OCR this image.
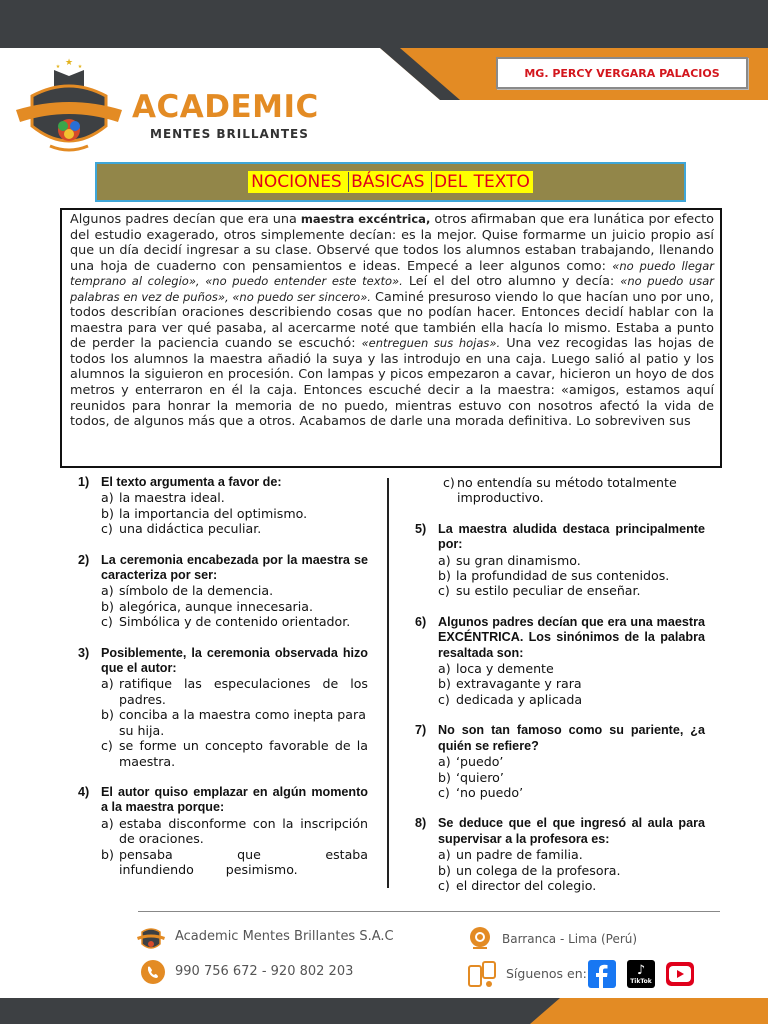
MG. PERCY VERGARA PALACIOS
★
★	★
ACADEMIC
MENTES BRILLANTES
NOCIONES BÁSICAS DEL TEXTO
Algunos padres decían que era una maestra excéntrica, otros afirmaban que era lunática por efecto del estudio exagerado, otros simplemente decían: es la mejor. Quise formarme un juicio propio así que un día decidí ingresar a su clase. Observé que todos los alumnos estaban trabajando, llenando una hoja de cuaderno con pensamientos e ideas. Empecé a leer algunos como: «no puedo llegar temprano al colegio», «no puedo entender este texto». Leí el del otro alumno y decía: «no puedo usar palabras en vez de puños», «no puedo ser sincero». Caminé presuroso viendo lo que hacían uno por uno, todos describían oraciones describiendo cosas que no podían hacer. Entonces decidí hablar con la maestra para ver qué pasaba, al acercarme noté que también ella hacía lo mismo. Estaba a punto de perder la paciencia cuando se escuchó: «entreguen sus hojas». Una vez recogidas las hojas de todos los alumnos la maestra añadió la suya y las introdujo en una caja. Luego salió al patio y los alumnos la siguieron en procesión. Con lampas y picos empezaron a cavar, hicieron un hoyo de dos metros y enterraron en él la caja. Entonces escuché decir a la maestra: «amigos, estamos aquí reunidos para honrar la memoria de no puedo, mientras estuvo con nosotros afectó la vida de todos, de algunos más que a otros. Acabamos de darle una morada definitiva. Lo sobreviven sus
1) El texto argumenta a favor de:
a) la maestra ideal.
b) la importancia del optimismo.
c) una didáctica peculiar.
2) La ceremonia encabezada por la maestra se caracteriza por ser:
a) símbolo de la demencia.
b) alegórica, aunque innecesaria.
c) Simbólica y de contenido orientador.
3) Posiblemente, la ceremonia observada hizo que el autor:
a) ratifique las especulaciones de los padres.
b) conciba a la maestra como inepta para su hija.
c) se forme un concepto favorable de la maestra.
4) El autor quiso emplazar en algún momento a la maestra porque:
a) estaba disconforme con la inscripción de oraciones.
b) pensaba que estaba infundiendo pesimismo.
c) no entendía su método totalmente improductivo.
5) La maestra aludida destaca principalmente por:
a) su gran dinamismo.
b) la profundidad de sus contenidos.
c) su estilo peculiar de enseñar.
6) Algunos padres decían que era una maestra EXCÉNTRICA. Los sinónimos de la palabra resaltada son:
a) loca y demente
b) extravagante y rara
c) dedicada y aplicada
7) No son tan famoso como su pariente, ¿a quién se refiere?
a) ‘puedo’
b) ‘quiero’
c) ‘no puedo’
8) Se deduce que el que ingresó al aula para supervisar a la profesora es:
a) un padre de familia.
b) un colega de la profesora.
c) el director del colegio.
Academic Mentes Brillantes S.A.C	Barranca - Lima (Perú)
990 756 672 - 920 802 203	Síguenos en:	♪
TikTok
